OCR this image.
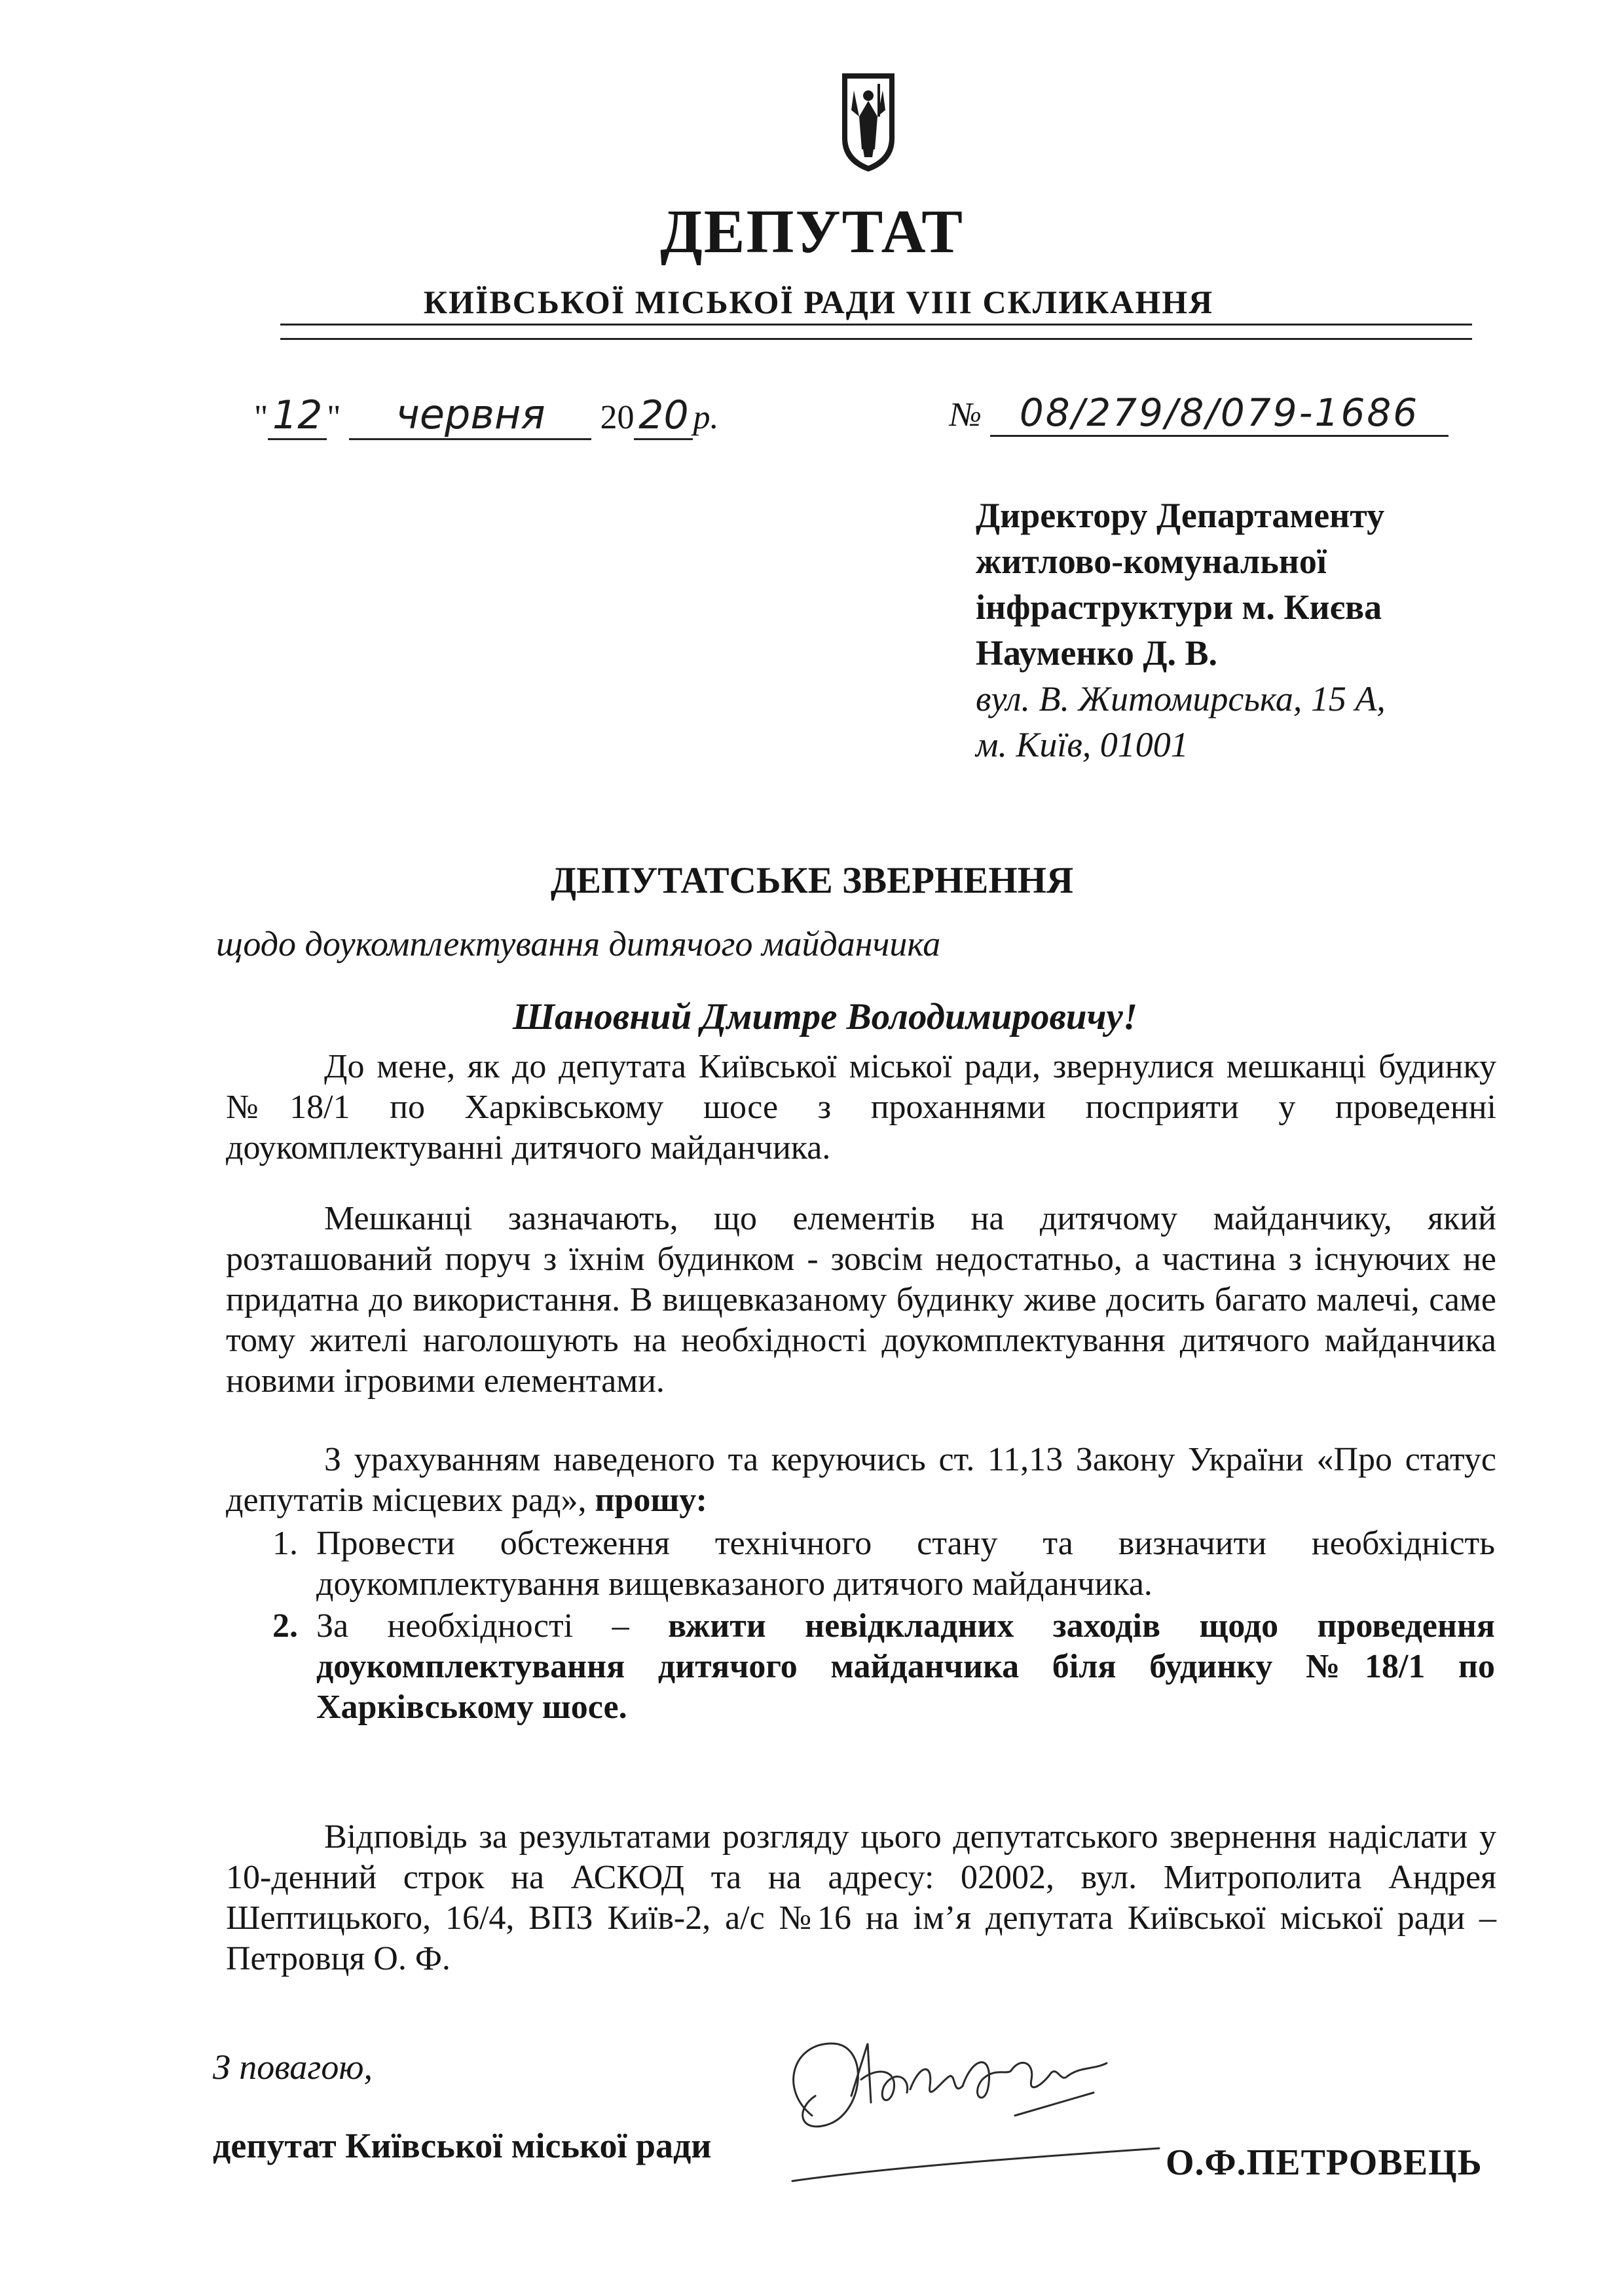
ДЕПУТАТ
КИЇВСЬКОЇ МІСЬКОЇ РАДИ VIII СКЛИКАННЯ
" 12 " червня 20 20 р.	№ 08/279/8/079-1686
Директору Департаменту
житлово-комунальної
інфраструктури м. Києва
Науменко Д. В.
вул. В. Житомирська, 15 А,
м. Київ, 01001
ДЕПУТАТСЬКЕ ЗВЕРНЕННЯ
щодо доукомплектування дитячого майданчика
Шановний Дмитре Володимировичу!
До мене, як до депутата Київської міської ради, звернулися мешканці будинку №18/1 по Харківському шосе з проханнями посприяти у проведенні доукомплектуванні дитячого майданчика.
Мешканці зазначають, що елементів на дитячому майданчику, який розташований поруч з їхнім будинком - зовсім недостатньо, а частина з існуючих не придатна до використання. В вищевказаному будинку живе досить багато малечі, саме тому жителі наголошують на необхідності доукомплектування дитячого майданчика новими ігровими елементами.
З урахуванням наведеного та керуючись ст. 11,13 Закону України «Про статус депутатів місцевих рад», прошу:
1. Провести обстеження технічного стану та визначити необхідність доукомплектування вищевказаного дитячого майданчика.
2. За необхідності – вжити невідкладних заходів щодо проведення доукомплектування дитячого майданчика біля будинку №18/1 по Харківському шосе.
Відповідь за результатами розгляду цього депутатського звернення надіслати у 10-денний строк на АСКОД та на адресу: 02002, вул. Митрополита Андрея Шептицького, 16/4, ВПЗ Київ-2, а/с №16 на ім’я депутата Київської міської ради – Петровця О. Ф.
З повагою,
депутат Київської міської ради	О.Ф.ПЕТРОВЕЦЬ
